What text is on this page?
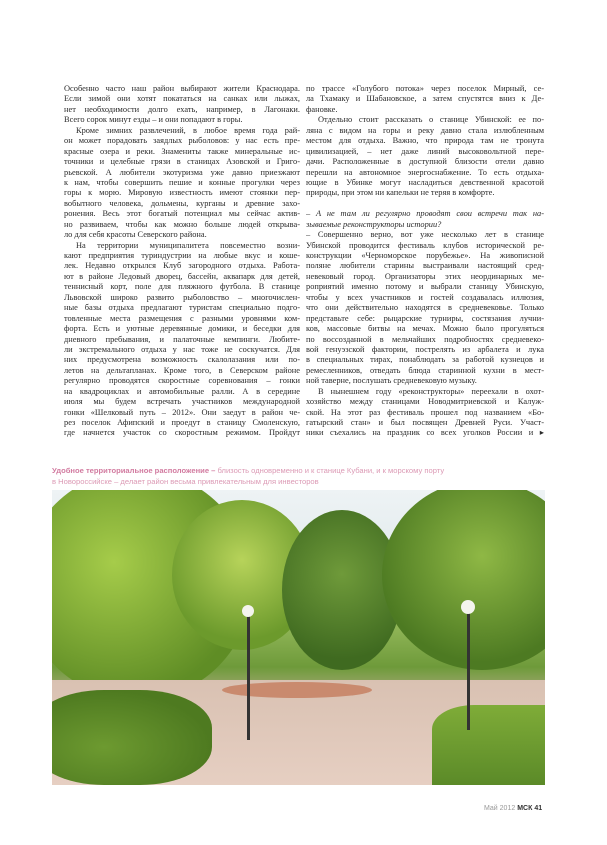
Особенно часто наш район выбирают жители Краснодара.
Если зимой они хотят покататься на санках или лыжах,
нет необходимости долго ехать, например, в Лагонаки.
Всего сорок минут езды – и они попадают в горы.
Кроме зимних развлечений, в любое время года рай-
он может порадовать заядлых рыболовов: у нас есть пре-
красные озера и реки. Знамениты также минеральные ис-
точники и целебные грязи в станицах Азовской и Григо-
рьевской. А любители экотуризма уже давно приезжают
к нам, чтобы совершить пешие и конные прогулки через
горы к морю. Мировую известность имеют стоянки пер-
вобытного человека, дольмены, курганы и древние захо-
ронения. Весь этот богатый потенциал мы сейчас актив-
но развиваем, чтобы как можно больше людей открыва-
ло для себя красоты Северского района.
На территории муниципалитета повсеместно возни-
кают предприятия туриндустрии на любые вкус и коше-
лек. Недавно открылся Клуб загородного отдыха. Работа-
ют в районе Ледовый дворец, бассейн, аквапарк для детей,
теннисный корт, поле для пляжного футбола. В станице
Львовской широко развито рыболовство – многочислен-
ные базы отдыха предлагают туристам специально подго-
товленные места размещения с разными уровнями ком-
форта. Есть и уютные деревянные домики, и беседки для
дневного пребывания, и палаточные кемпинги. Любите-
ли экстремального отдыха у нас тоже не соскучатся. Для
них предусмотрена возможность скалолазания или по-
летов на дельтапланах. Кроме того, в Северском районе
регулярно проводятся скоростные соревнования – гонки
на квадроциклах и автомобильные ралли. А в середине
июля мы будем встречать участников международной
гонки «Шелковый путь – 2012». Они заедут в район че-
рез поселок Афипский и проедут в станицу Смоленскую,
где начнется участок со скоростным режимом. Пройдут
по трассе «Голубого потока» через поселок Мирный, се-
ла Тхамаку и Шабановское, а затем спустятся вниз к Де-
фановке.
Отдельно стоит рассказать о станице Убинской: ее по-
ляна с видом на горы и реку давно стала излюбленным
местом для отдыха. Важно, что природа там не тронута
цивилизацией, – нет даже линий высоковольтной пере-
дачи. Расположенные в доступной близости отели давно
перешли на автономное энергоснабжение. То есть отдыха-
ющие в Убинке могут насладиться девственной красотой
природы, при этом ни капельки не теряя в комфорте.
– А не там ли регулярно проводят свои встречи так на-
зываемые реконструкторы истории?
– Совершенно верно, вот уже несколько лет в станице
Убинской проводится фестиваль клубов исторической ре-
конструкции «Черноморское порубежье». На живописной
поляне любители старины выстраивали настоящий сред-
невековый город. Организаторы этих неординарных ме-
роприятий именно потому и выбрали станицу Убинскую,
чтобы у всех участников и гостей создавалась иллюзия,
что они действительно находятся в средневековье. Только
представьте себе: рыцарские турниры, состязания лучни-
ков, массовые битвы на мечах. Можно было прогуляться
по воссозданной в мельчайших подробностях средневеко-
вой генуэзской фактории, пострелять из арбалета и лука
в специальных тирах, понаблюдать за работой кузнецов и
ремесленников, отведать блюда старинной кухни в мест-
ной таверне, послушать средневековую музыку.
В нынешнем году «реконструкторы» переехали в охот-
хозяйство между станицами Новодмитриевской и Калуж-
ской. На этот раз фестиваль прошел под названием «Бо-
гатырский стан» и был посвящен Древней Руси. Участ-
ники съехались на праздник со всех уголков России и ▸
Удобное территориальное расположение – близость одновременно и к станице Кубани, и к морскому порту
в Новороссийске – делает район весьма привлекательным для инвесторов
Май 2012 МСК 41
